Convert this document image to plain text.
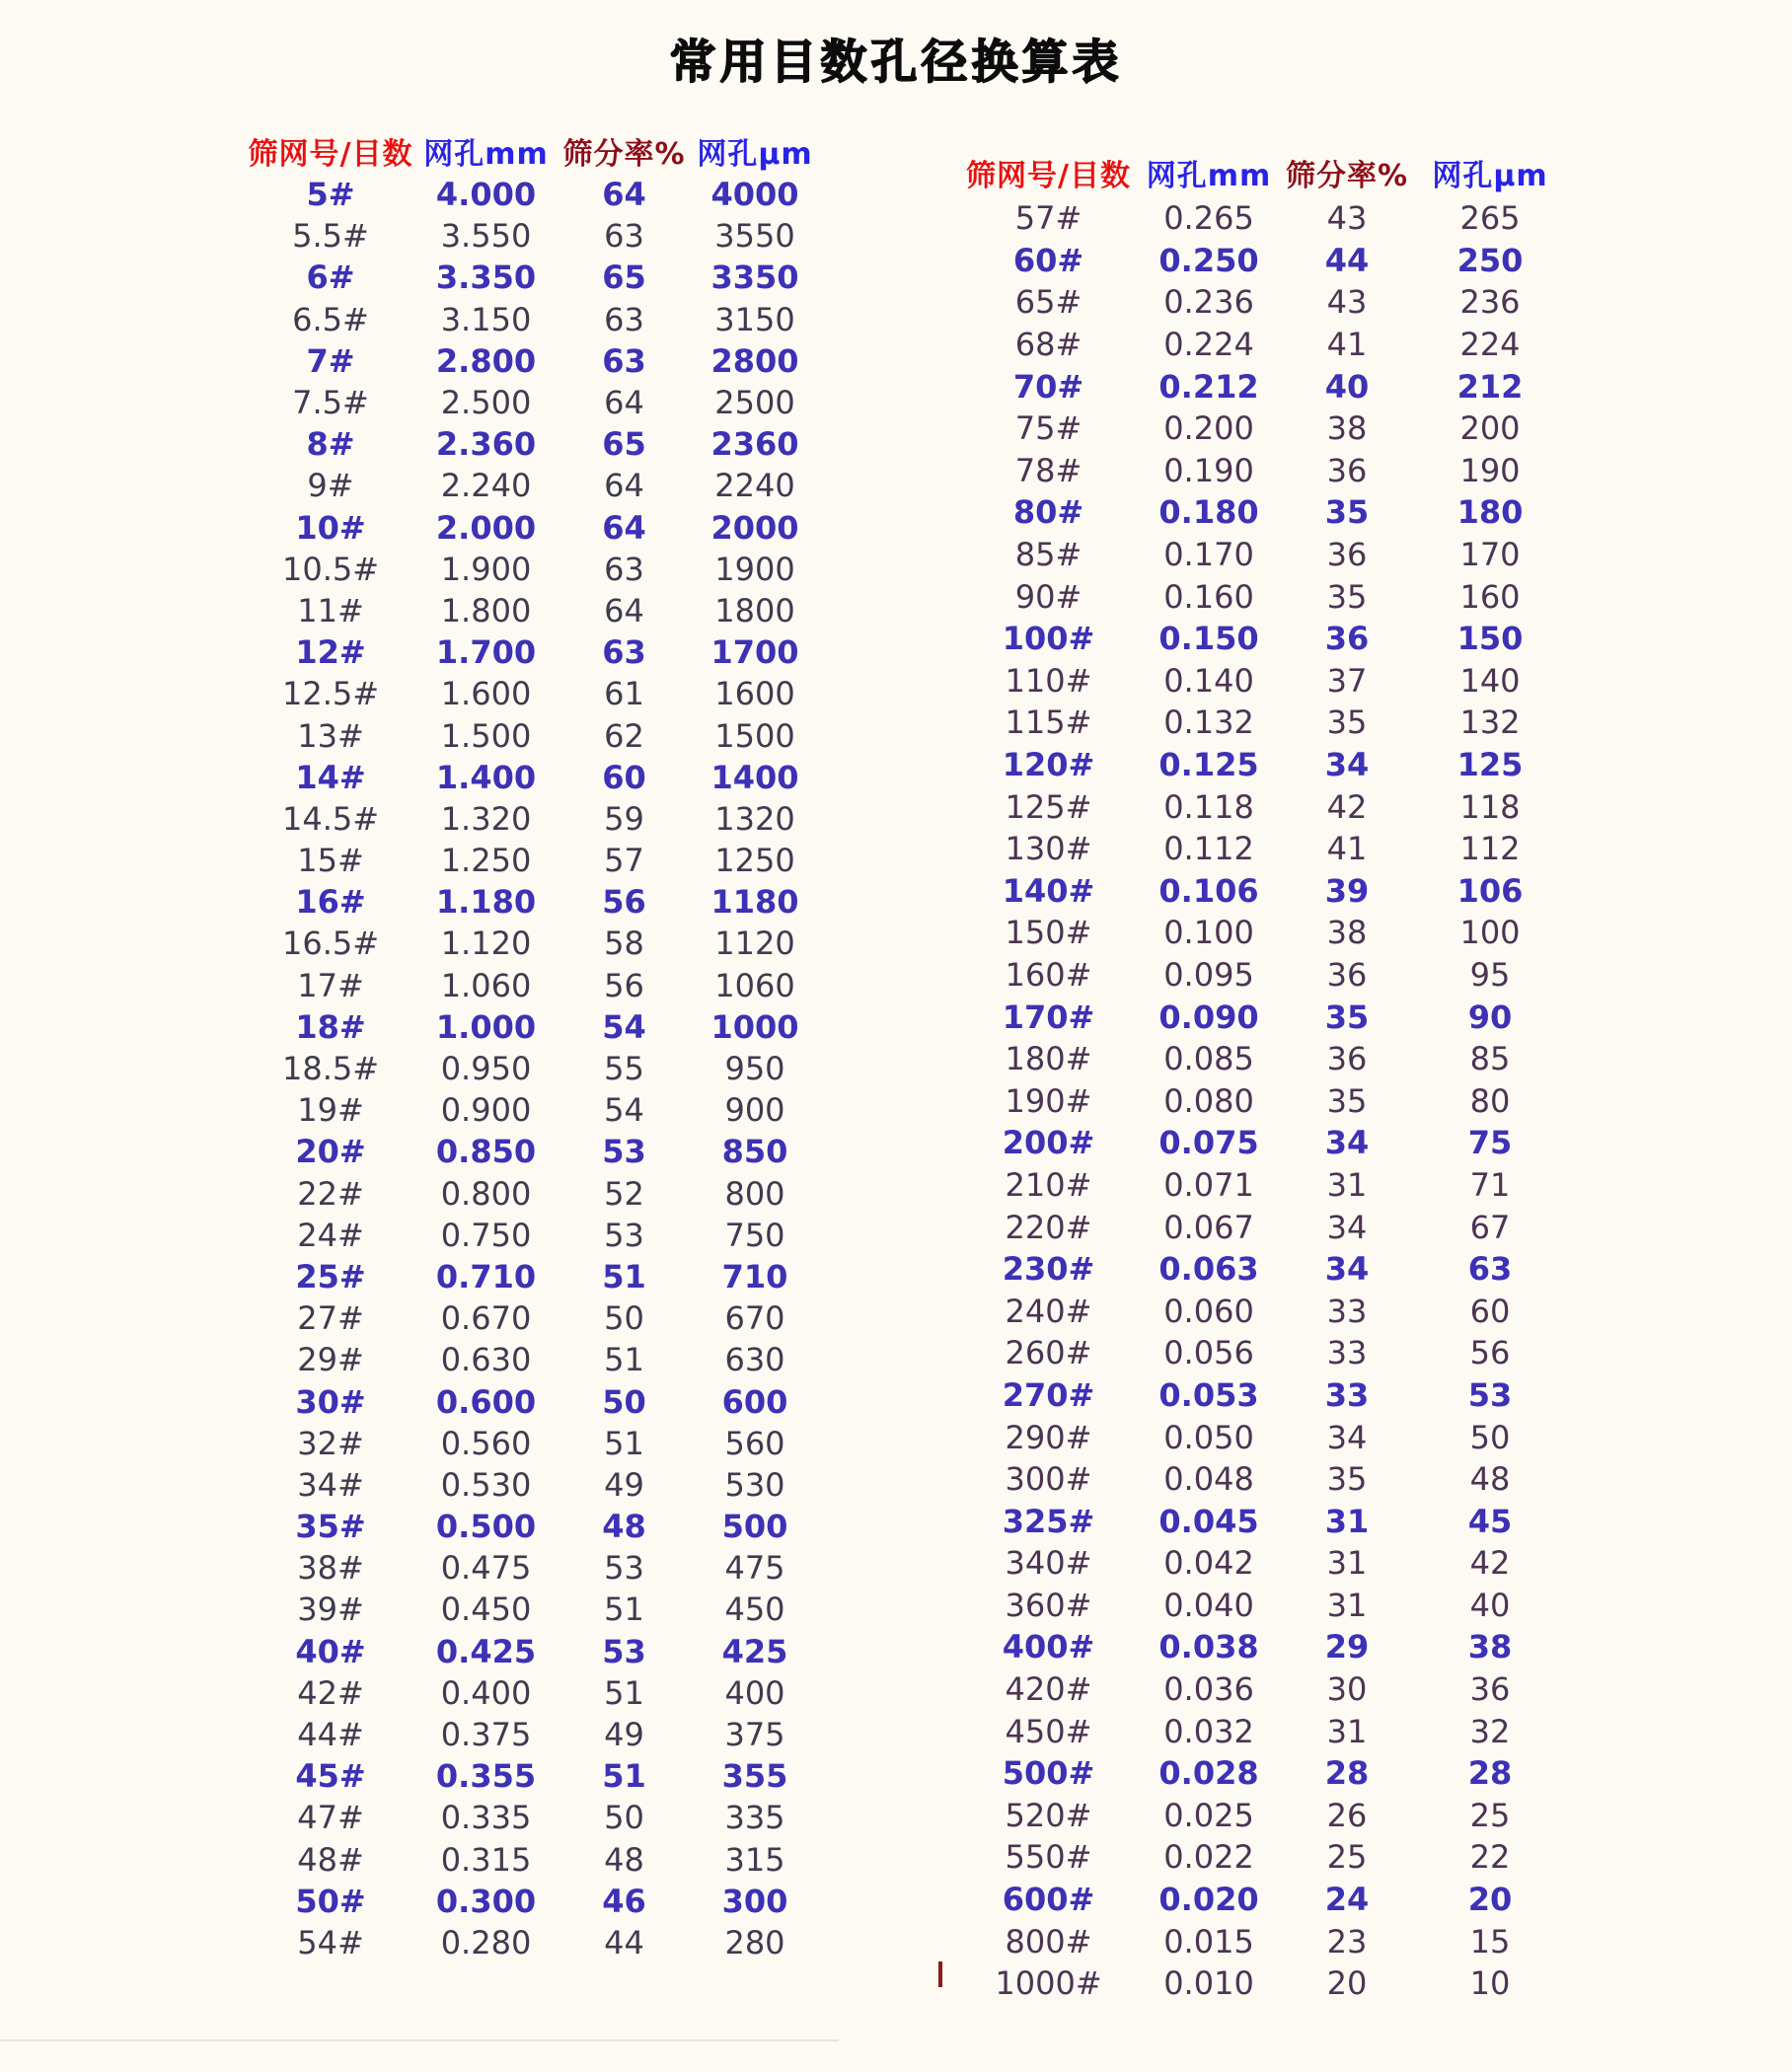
常用目数孔径换算表
筛网号/目数 网孔mm 筛分率% 网孔μm
5#	4.000	64	4000
5.5#	3.550	63	3550
6#	3.350	65	3350
6.5#	3.150	63	3150
7#	2.800	63	2800
7.5#	2.500	64	2500
8#	2.360	65	2360
9#	2.240	64	2240
10#	2.000	64	2000
10.5#	1.900	63	1900
11#	1.800	64	1800
12#	1.700	63	1700
12.5#	1.600	61	1600
13#	1.500	62	1500
14#	1.400	60	1400
14.5#	1.320	59	1320
15#	1.250	57	1250
16#	1.180	56	1180
16.5#	1.120	58	1120
17#	1.060	56	1060
18#	1.000	54	1000
18.5#	0.950	55	950
19#	0.900	54	900
20#	0.850	53	850
22#	0.800	52	800
24#	0.750	53	750
25#	0.710	51	710
27#	0.670	50	670
29#	0.630	51	630
30#	0.600	50	600
32#	0.560	51	560
34#	0.530	49	530
35#	0.500	48	500
38#	0.475	53	475
39#	0.450	51	450
40#	0.425	53	425
42#	0.400	51	400
44#	0.375	49	375
45#	0.355	51	355
47#	0.335	50	335
48#	0.315	48	315
50#	0.300	46	300
54#	0.280	44	280
筛网号/目数 网孔mm 筛分率% 网孔μm
57#	0.265	43	265
60#	0.250	44	250
65#	0.236	43	236
68#	0.224	41	224
70#	0.212	40	212
75#	0.200	38	200
78#	0.190	36	190
80#	0.180	35	180
85#	0.170	36	170
90#	0.160	35	160
100#	0.150	36	150
110#	0.140	37	140
115#	0.132	35	132
120#	0.125	34	125
125#	0.118	42	118
130#	0.112	41	112
140#	0.106	39	106
150#	0.100	38	100
160#	0.095	36	95
170#	0.090	35	90
180#	0.085	36	85
190#	0.080	35	80
200#	0.075	34	75
210#	0.071	31	71
220#	0.067	34	67
230#	0.063	34	63
240#	0.060	33	60
260#	0.056	33	56
270#	0.053	33	53
290#	0.050	34	50
300#	0.048	35	48
325#	0.045	31	45
340#	0.042	31	42
360#	0.040	31	40
400#	0.038	29	38
420#	0.036	30	36
450#	0.032	31	32
500#	0.028	28	28
520#	0.025	26	25
550#	0.022	25	22
600#	0.020	24	20
800#	0.015	23	15
1000#	0.010	20	10
